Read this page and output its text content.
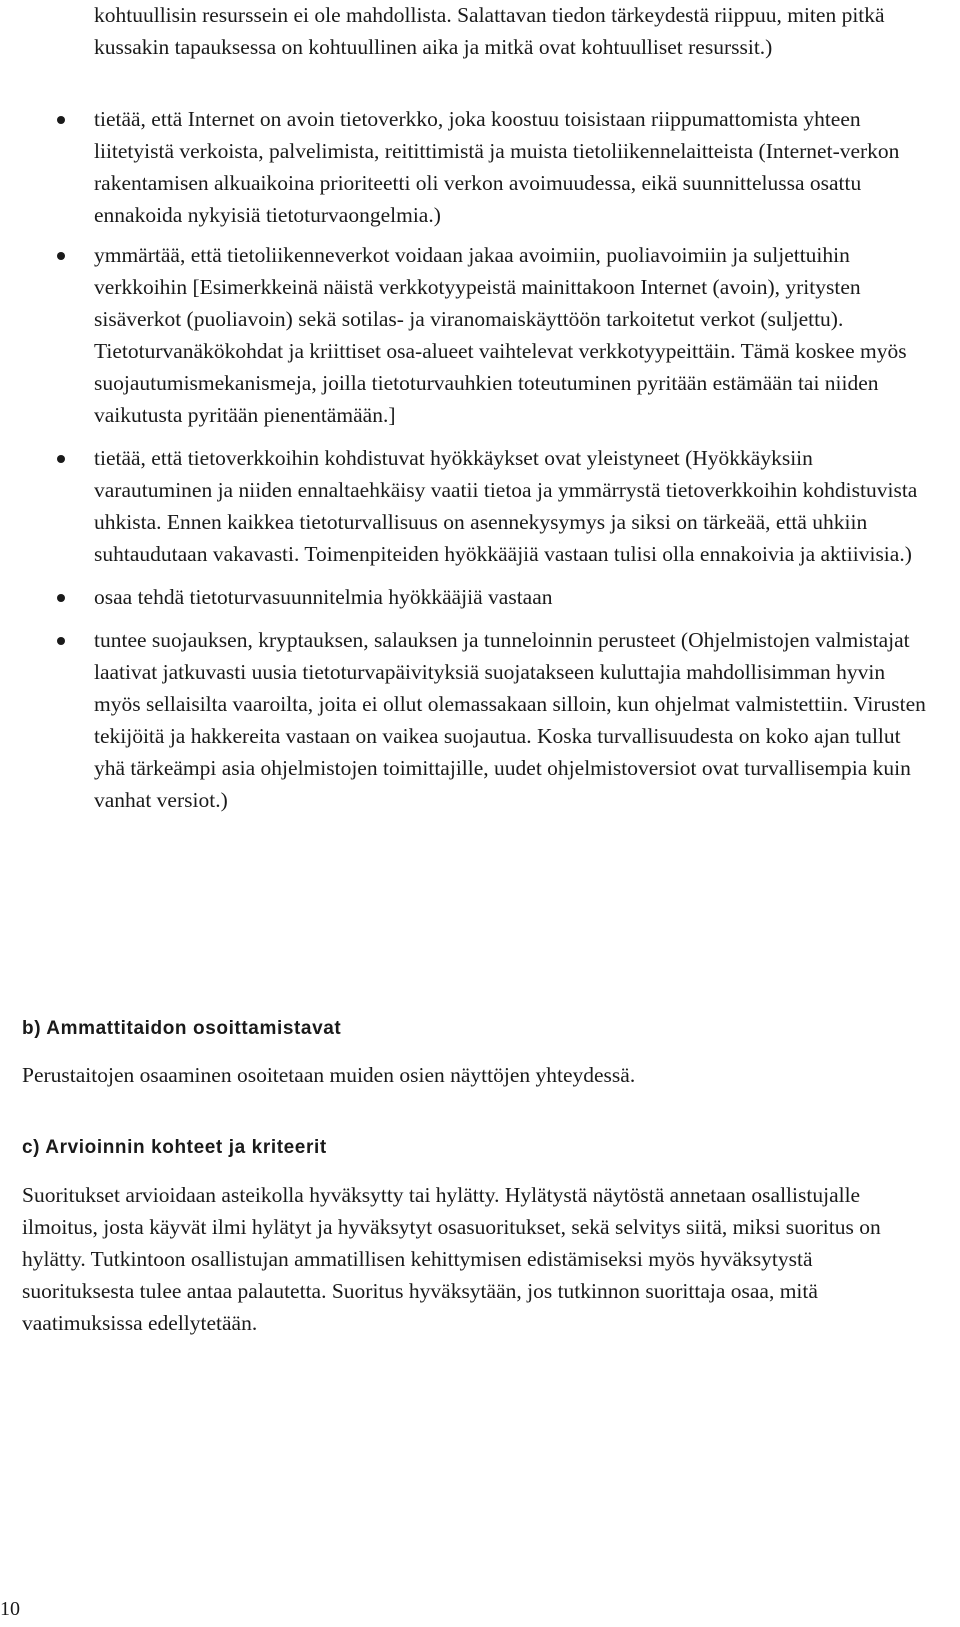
kohtuullisin resurssein ei ole mahdollista. Salattavan tiedon tärkeydestä riippuu, miten pitkä kussakin tapauksessa on kohtuullinen aika ja mitkä ovat kohtuulliset resurssit.)

tietää, että Internet on avoin tietoverkko, joka koostuu toisistaan riippumattomista yhteen liitetyistä verkoista, palvelimista, reitittimistä ja muista tietoliikennelaitteista (Internet-verkon rakentamisen alkuaikoina prioriteetti oli verkon avoimuudessa, eikä suunnittelussa osattu ennakoida nykyisiä tietoturvaongelmia.)

ymmärtää, että tietoliikenneverkot voidaan jakaa avoimiin, puoliavoimiin ja suljettuihin verkkoihin [Esimerkkeinä näistä verkkotyypeistä mainittakoon Internet (avoin), yritysten sisäverkot (puoliavoin) sekä sotilas- ja viranomaiskäyttöön tarkoitetut verkot (suljettu). Tietoturvanäkökohdat ja kriittiset osa-alueet vaihtelevat verkkotyypeittäin. Tämä koskee myös suojautumismekanismeja, joilla tietoturvauhkien toteutuminen pyritään estämään tai niiden vaikutusta pyritään pienentämään.]

tietää, että tietoverkkoihin kohdistuvat hyökkäykset ovat yleistyneet (Hyökkäyksiin varautuminen ja niiden ennaltaehkäisy vaatii tietoa ja ymmärrystä tietoverkkoihin kohdistuvista uhkista. Ennen kaikkea tietoturvallisuus on asennekysymys ja siksi on tärkeää, että uhkiin suhtaudutaan vakavasti. Toimenpiteiden hyökkääjiä vastaan tulisi olla ennakoivia ja aktiivisia.)

osaa tehdä tietoturvasuunnitelmia hyökkääjiä vastaan

tuntee suojauksen, kryptauksen, salauksen ja tunneloinnin perusteet (Ohjelmistojen valmistajat laativat jatkuvasti uusia tietoturvapäivityksiä suojatakseen kuluttajia mahdollisimman hyvin myös sellaisilta vaaroilta, joita ei ollut olemassakaan silloin, kun ohjelmat valmistettiin. Virusten tekijöitä ja hakkereita vastaan on vaikea suojautua. Koska turvallisuudesta on koko ajan tullut yhä tärkeämpi asia ohjelmistojen toimittajille, uudet ohjelmistoversiot ovat turvallisempia kuin vanhat versiot.)

b) Ammattitaidon osoittamistavat

Perustaitojen osaaminen osoitetaan muiden osien näyttöjen yhteydessä.

c) Arvioinnin kohteet ja kriteerit

Suoritukset arvioidaan asteikolla hyväksytty tai hylätty. Hylätystä näytöstä annetaan osallistujalle ilmoitus, josta käyvät ilmi hylätyt ja hyväksytyt osasuoritukset, sekä selvitys siitä, miksi suoritus on hylätty. Tutkintoon osallistujan ammatillisen kehittymisen edistämiseksi myös hyväksytystä suorituksesta tulee antaa palautetta. Suoritus hyväksytään, jos tutkinnon suorittaja osaa, mitä vaatimuksissa edellytetään.

10
